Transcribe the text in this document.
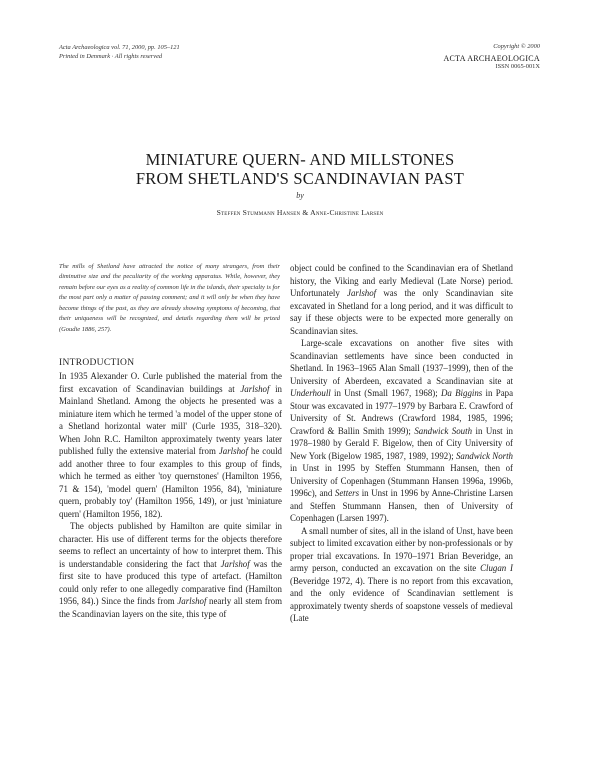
Acta Archaeologica vol. 71, 2000, pp. 105–121
Printed in Denmark · All rights reserved
Copyright © 2000
ACTA ARCHAEOLOGICA
ISSN 0065-001X
MINIATURE QUERN- AND MILLSTONES
FROM SHETLAND'S SCANDINAVIAN PAST
by
Steffen Stummann Hansen & Anne-Christine Larsen
The mills of Shetland have attracted the notice of many strangers, from their diminutive size and the peculiarity of the working apparatus. While, however, they remain before our eyes as a reality of common life in the islands, their specialty is for the most part only a matter of passing comment; and it will only be when they have become things of the past, as they are already showing symptoms of becoming, that their uniqueness will be recognized, and details regarding them will be prized (Goudie 1886, 257).
INTRODUCTION

In 1935 Alexander O. Curle published the material from the first excavation of Scandinavian buildings at Jarlshof in Mainland Shetland. Among the objects he presented was a miniature item which he termed 'a model of the upper stone of a Shetland horizontal water mill' (Curle 1935, 318–320). When John R.C. Hamilton approximately twenty years later published fully the extensive material from Jarlshof he could add another three to four examples to this group of finds, which he termed as either 'toy quernstones' (Hamilton 1956, 71 & 154), 'model quern' (Hamilton 1956, 84), 'miniature quern, probably toy' (Hamilton 1956, 149), or just 'miniature quern' (Hamilton 1956, 182).

The objects published by Hamilton are quite similar in character. His use of different terms for the objects therefore seems to reflect an uncertainty of how to interpret them. This is understandable considering the fact that Jarlshof was the first site to have produced this type of artefact. (Hamilton could only refer to one allegedly comparative find (Hamilton 1956, 84).) Since the finds from Jarlshof nearly all stem from the Scandinavian layers on the site, this type of

object could be confined to the Scandinavian era of Shetland history, the Viking and early Medieval (Late Norse) period. Unfortunately Jarlshof was the only Scandinavian site excavated in Shetland for a long period, and it was difficult to say if these objects were to be expected more generally on Scandinavian sites.

Large-scale excavations on another five sites with Scandinavian settlements have since been conducted in Shetland. In 1963–1965 Alan Small (1937–1999), then of the University of Aberdeen, excavated a Scandinavian site at Underhoull in Unst (Small 1967, 1968); Da Biggins in Papa Stour was excavated in 1977–1979 by Barbara E. Crawford of University of St. Andrews (Crawford 1984, 1985, 1996; Crawford & Ballin Smith 1999); Sandwick South in Unst in 1978–1980 by Gerald F. Bigelow, then of City University of New York (Bigelow 1985, 1987, 1989, 1992); Sandwick North in Unst in 1995 by Steffen Stummann Hansen, then of University of Copenhagen (Stummann Hansen 1996a, 1996b, 1996c), and Setters in Unst in 1996 by Anne-Christine Larsen and Steffen Stummann Hansen, then of University of Copenhagen (Larsen 1997).

A small number of sites, all in the island of Unst, have been subject to limited excavation either by non-professionals or by proper trial excavations. In 1970–1971 Brian Beveridge, an army person, conducted an excavation on the site Clugan I (Beveridge 1972, 4). There is no report from this excavation, and the only evidence of Scandinavian settlement is approximately twenty sherds of soapstone vessels of medieval (Late
